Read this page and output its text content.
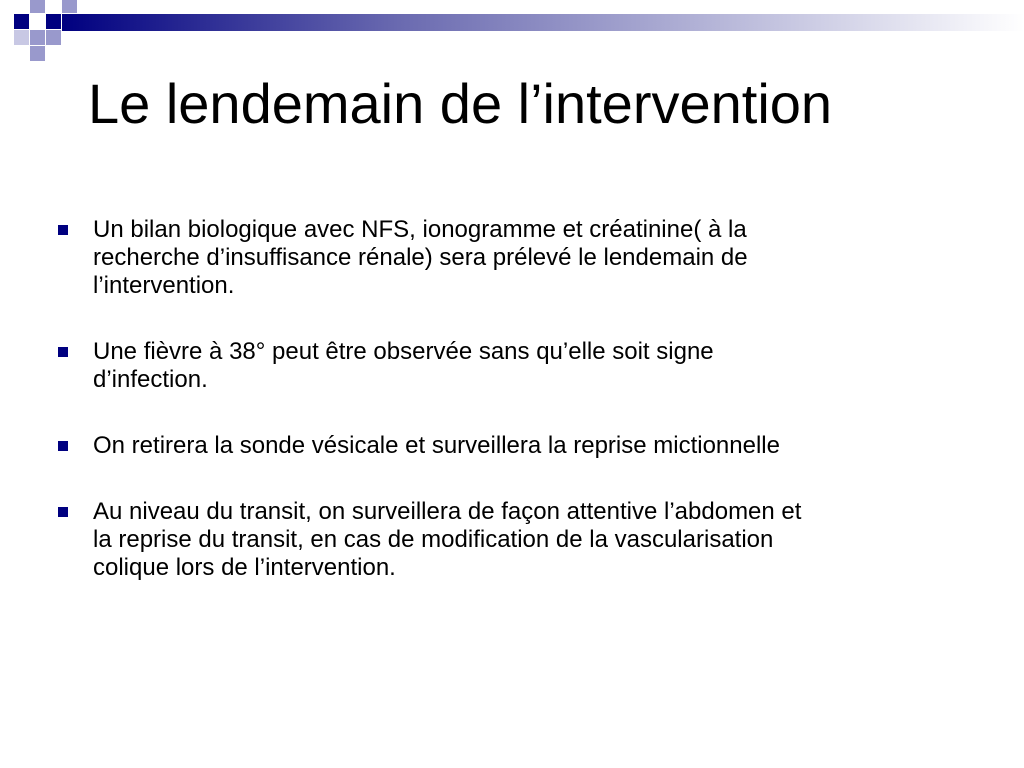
Le lendemain de l’intervention
Un bilan biologique avec NFS, ionogramme et créatinine( à la
recherche d’insuffisance rénale) sera prélevé le lendemain de
l’intervention.
Une fièvre à 38° peut être observée sans qu’elle soit signe
d’infection.
On retirera la sonde vésicale et surveillera la reprise mictionnelle
Au niveau du transit, on surveillera de façon attentive l’abdomen et
la reprise du transit, en cas de modification de la vascularisation
colique lors de l’intervention.
